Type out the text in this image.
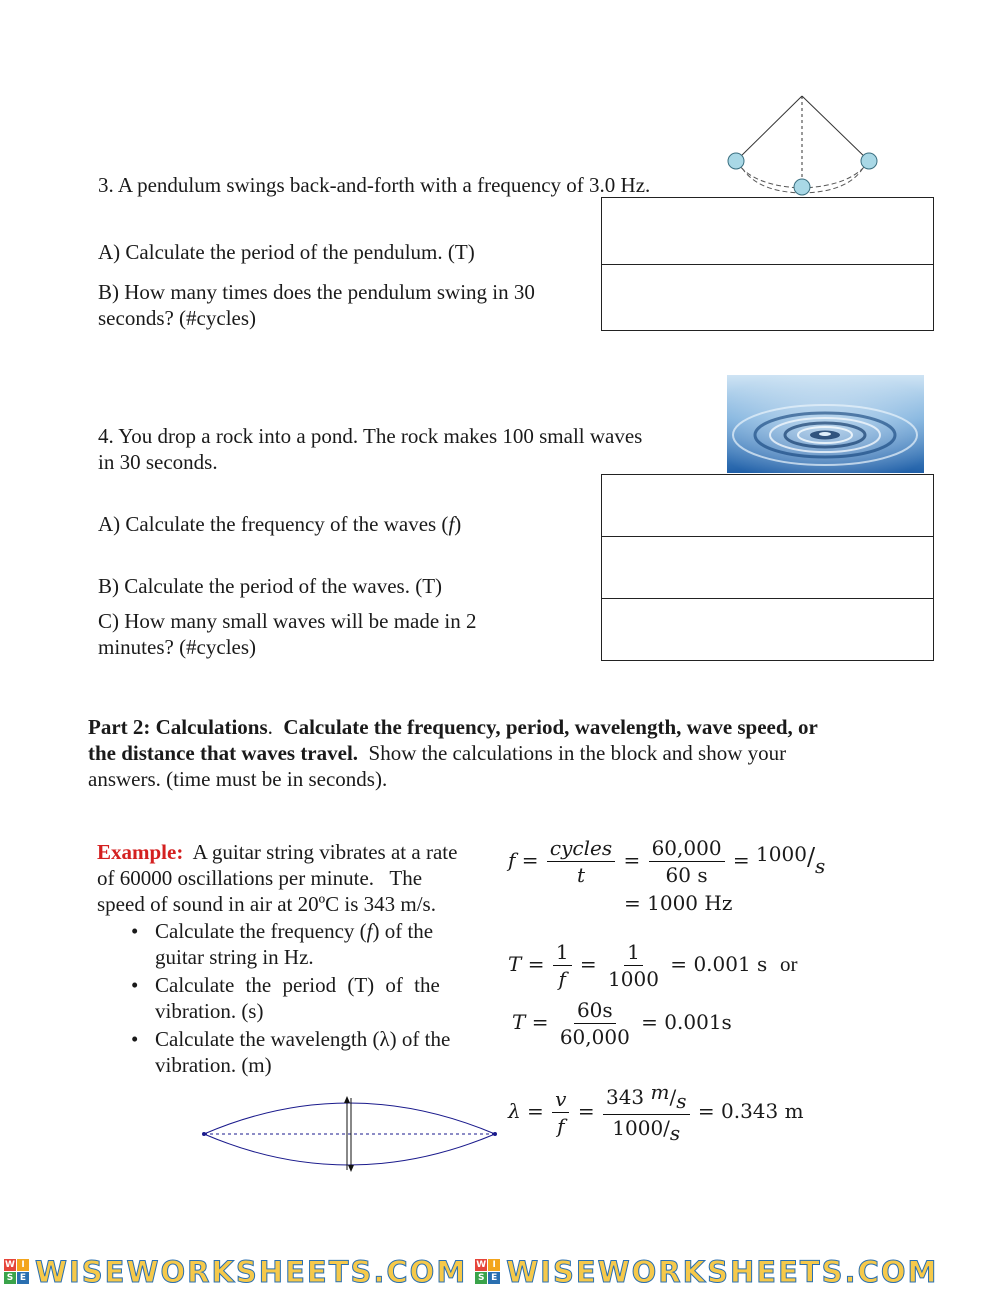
3. A pendulum swings back-and-forth with a frequency of 3.0 Hz.
A) Calculate the period of the pendulum. (T)
B) How many times does the pendulum swing in 30
seconds? (#cycles)
4. You drop a rock into a pond. The rock makes 100 small waves
in 30 seconds.
A) Calculate the frequency of the waves (f)
B) Calculate the period of the waves. (T)
C) How many small waves will be made in 2
minutes? (#cycles)
Part 2: Calculations.  Calculate the frequency, period, wavelength, wave speed, or
the distance that waves travel.  Show the calculations in the block and show your
answers. (time must be in seconds).
Example:  A guitar string vibrates at a rate
of 60000 oscillations per minute.   The
speed of sound in air at 20ºC is 343 m/s.
• Calculate the frequency (f) of the
guitar string in Hz.
• Calculate the period (T) of the
vibration. (s)
• Calculate the wavelength (λ) of the
vibration. (m)
$f = \frac{\text{cycles}}{t} = \frac{60,000}{60 s} = 1000/s$
= 1000 Hz
$T = \frac{1}{f} = \frac{1}{1000} = 0.001$ s or
$T = \frac{60s}{60,000} = 0.001s$
$\lambda = \frac{v}{f} = \frac{343 m/s}{1000/s} = 0.343$ m
W I
S E WISEWORKSHEETS.COM W I
S E WISEWORKSHEETS.COM
